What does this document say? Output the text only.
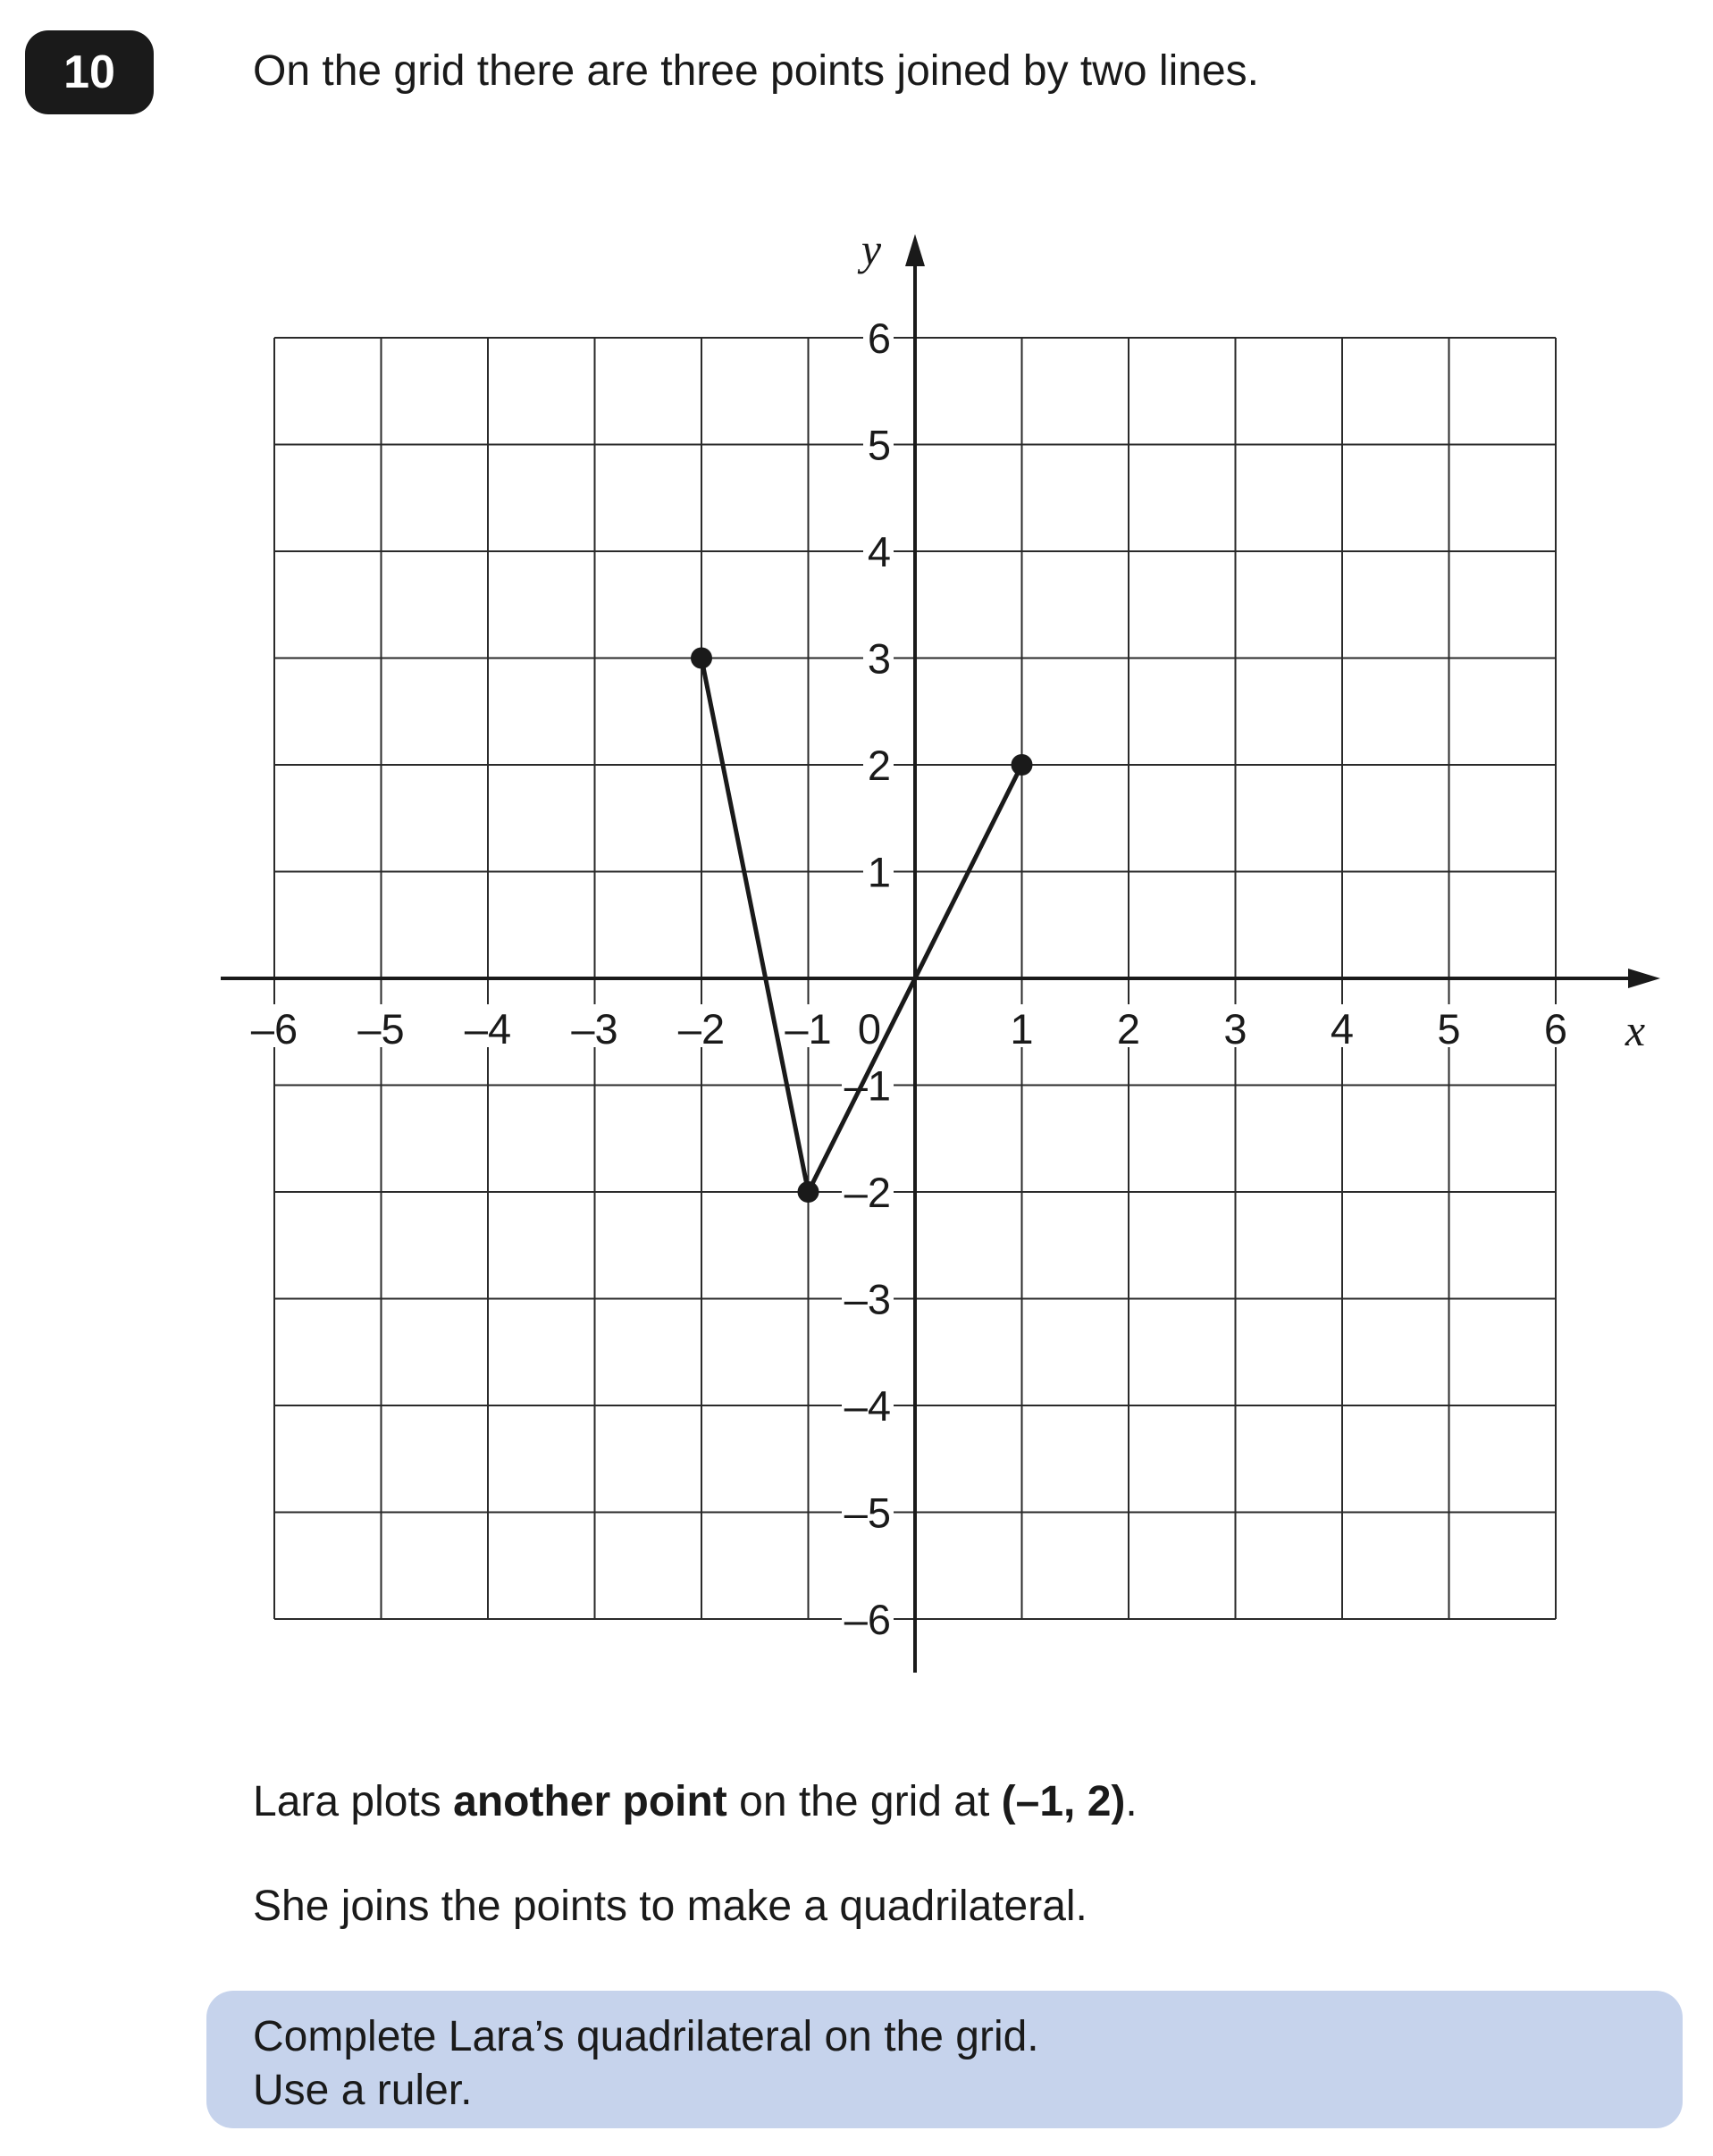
10	On the grid there are three points joined by two lines.
–6 –5 –4 –3 –2 –1	1 2 3 4 5 6
6
5
4
3
2
1
–1
–2
–3
–4
–5
–6
0	x
y
Lara plots another point on the grid at (–1, 2).
She joins the points to make a quadrilateral.
Complete Lara’s quadrilateral on the grid.
Use a ruler.
